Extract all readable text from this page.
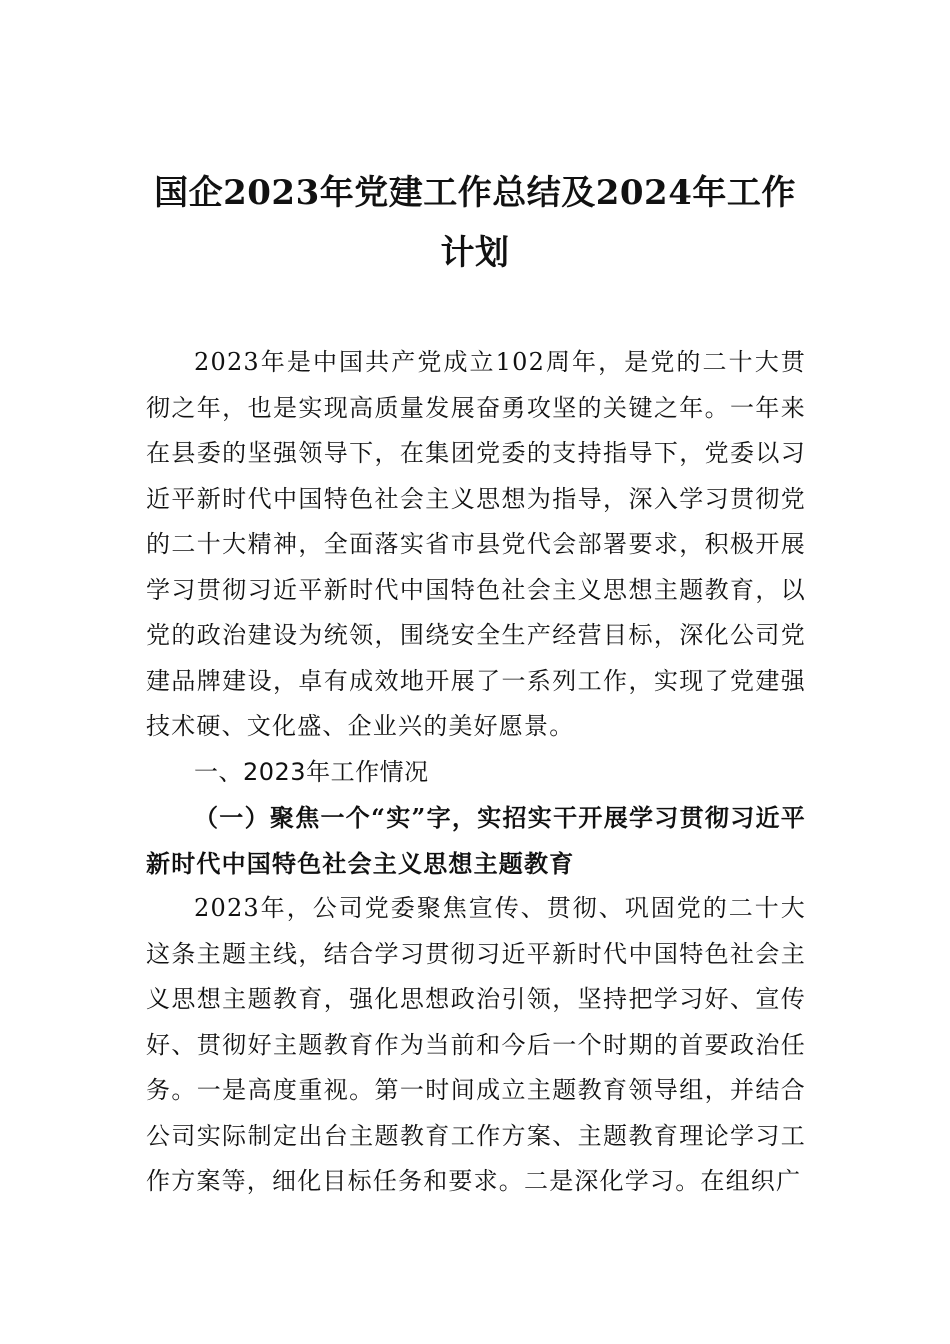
国企2023年党建工作总结及2024年工作计划

2023年是中国共产党成立102周年，是党的二十大贯彻之年，也是实现高质量发展奋勇攻坚的关键之年。一年来在县委的坚强领导下，在集团党委的支持指导下，党委以习近平新时代中国特色社会主义思想为指导，深入学习贯彻党的二十大精神，全面落实省市县党代会部署要求，积极开展学习贯彻习近平新时代中国特色社会主义思想主题教育，以党的政治建设为统领，围绕安全生产经营目标，深化公司党建品牌建设，卓有成效地开展了一系列工作，实现了党建强技术硬、文化盛、企业兴的美好愿景。

一、2023年工作情况

（一）聚焦一个“实”字，实招实干开展学习贯彻习近平新时代中国特色社会主义思想主题教育

2023年，公司党委聚焦宣传、贯彻、巩固党的二十大这条主题主线，结合学习贯彻习近平新时代中国特色社会主义思想主题教育，强化思想政治引领，坚持把学习好、宣传好、贯彻好主题教育作为当前和今后一个时期的首要政治任务。一是高度重视。第一时间成立主题教育领导组，并结合公司实际制定出台主题教育工作方案、主题教育理论学习工作方案等，细化目标任务和要求。二是深化学习。在组织广
